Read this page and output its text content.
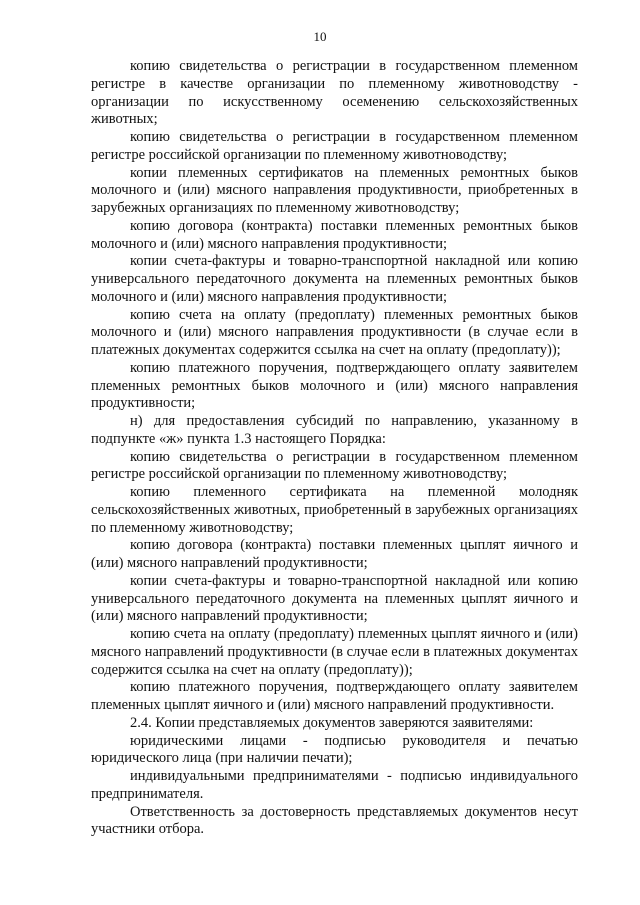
10

копию свидетельства о регистрации в государственном племенном регистре в качестве организации по племенному животноводству - организации по искусственному осеменению сельскохозяйственных животных;

копию свидетельства о регистрации в государственном племенном регистре российской организации по племенному животноводству;

копии племенных сертификатов на племенных ремонтных быков молочного и (или) мясного направления продуктивности, приобретенных в зарубежных организациях по племенному животноводству;

копию договора (контракта) поставки племенных ремонтных быков молочного и (или) мясного направления продуктивности;

копии счета-фактуры и товарно-транспортной накладной или копию универсального передаточного документа на племенных ремонтных быков молочного и (или) мясного направления продуктивности;

копию счета на оплату (предоплату) племенных ремонтных быков молочного и (или) мясного направления продуктивности (в случае если в платежных документах содержится ссылка на счет на оплату (предоплату));

копию платежного поручения, подтверждающего оплату заявителем племенных ремонтных быков молочного и (или) мясного направления продуктивности;

н) для предоставления субсидий по направлению, указанному в подпункте «ж» пункта 1.3 настоящего Порядка:

копию свидетельства о регистрации в государственном племенном регистре российской организации по племенному животноводству;

копию племенного сертификата на племенной молодняк сельскохозяйственных животных, приобретенный в зарубежных организациях по племенному животноводству;

копию договора (контракта) поставки племенных цыплят яичного и (или) мясного направлений продуктивности;

копии счета-фактуры и товарно-транспортной накладной или копию универсального передаточного документа на племенных цыплят яичного и (или) мясного направлений продуктивности;

копию счета на оплату (предоплату) племенных цыплят яичного и (или) мясного направлений продуктивности (в случае если в платежных документах содержится ссылка на счет на оплату (предоплату));

копию платежного поручения, подтверждающего оплату заявителем племенных цыплят яичного и (или) мясного направлений продуктивности.

2.4. Копии представляемых документов заверяются заявителями:

юридическими лицами - подписью руководителя и печатью юридического лица (при наличии печати);

индивидуальными предпринимателями - подписью индивидуального предпринимателя.

Ответственность за достоверность представляемых документов несут участники отбора.
